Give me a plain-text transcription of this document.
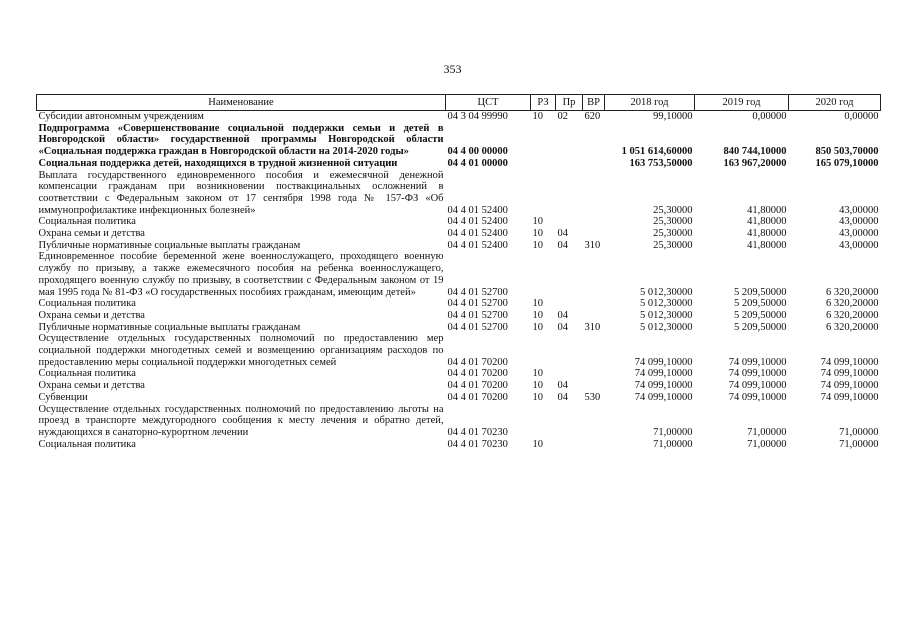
353
Наименование	ЦСТ	РЗ	Пр	ВР	2018 год	2019 год	2020 год
Субсидии автономным учреждениям	04 3 04 99990	10	02	620	99,10000	0,00000	0,00000
Подпрограмма «Совершенствование социальной поддержки семьи и детей в Новгородской области» государственной программы Новгородской области «Социальная поддержка граждан в Новгородской области на 2014-2020 годы»	04 4 00 00000				1 051 614,60000	840 744,10000	850 503,70000
Социальная поддержка детей, находящихся в трудной жизненной ситуации	04 4 01 00000				163 753,50000	163 967,20000	165 079,10000
Выплата государственного единовременного пособия и ежемесячной денежной компенсации гражданам при возникновении поствакцинальных осложнений в соответствии с Федеральным законом от 17 сентября 1998 года № 157-ФЗ «Об иммунопрофилактике инфекционных болезней»	04 4 01 52400				25,30000	41,80000	43,00000
Социальная политика	04 4 01 52400	10			25,30000	41,80000	43,00000
Охрана семьи и детства	04 4 01 52400	10	04		25,30000	41,80000	43,00000
Публичные нормативные социальные выплаты гражданам	04 4 01 52400	10	04	310	25,30000	41,80000	43,00000
Единовременное пособие беременной жене военнослужащего, проходящего военную службу по призыву, а также ежемесячного пособия на ребенка военнослужащего, проходящего военную службу по призыву, в соответствии с Федеральным законом от 19 мая 1995 года № 81-ФЗ «О государственных пособиях гражданам, имеющим детей»	04 4 01 52700				5 012,30000	5 209,50000	6 320,20000
Социальная политика	04 4 01 52700	10			5 012,30000	5 209,50000	6 320,20000
Охрана семьи и детства	04 4 01 52700	10	04		5 012,30000	5 209,50000	6 320,20000
Публичные нормативные социальные выплаты гражданам	04 4 01 52700	10	04	310	5 012,30000	5 209,50000	6 320,20000
Осуществление отдельных государственных полномочий по предоставлению мер социальной поддержки многодетных семей и возмещению организациям расходов по предоставлению меры социальной поддержки многодетных семей	04 4 01 70200				74 099,10000	74 099,10000	74 099,10000
Социальная политика	04 4 01 70200	10			74 099,10000	74 099,10000	74 099,10000
Охрана семьи и детства	04 4 01 70200	10	04		74 099,10000	74 099,10000	74 099,10000
Субвенции	04 4 01 70200	10	04	530	74 099,10000	74 099,10000	74 099,10000
Осуществление отдельных государственных полномочий по предоставлению льготы на проезд в транспорте междугородного сообщения к месту лечения и обратно детей, нуждающихся в санаторно-курортном лечении	04 4 01 70230				71,00000	71,00000	71,00000
Социальная политика	04 4 01 70230	10			71,00000	71,00000	71,00000
